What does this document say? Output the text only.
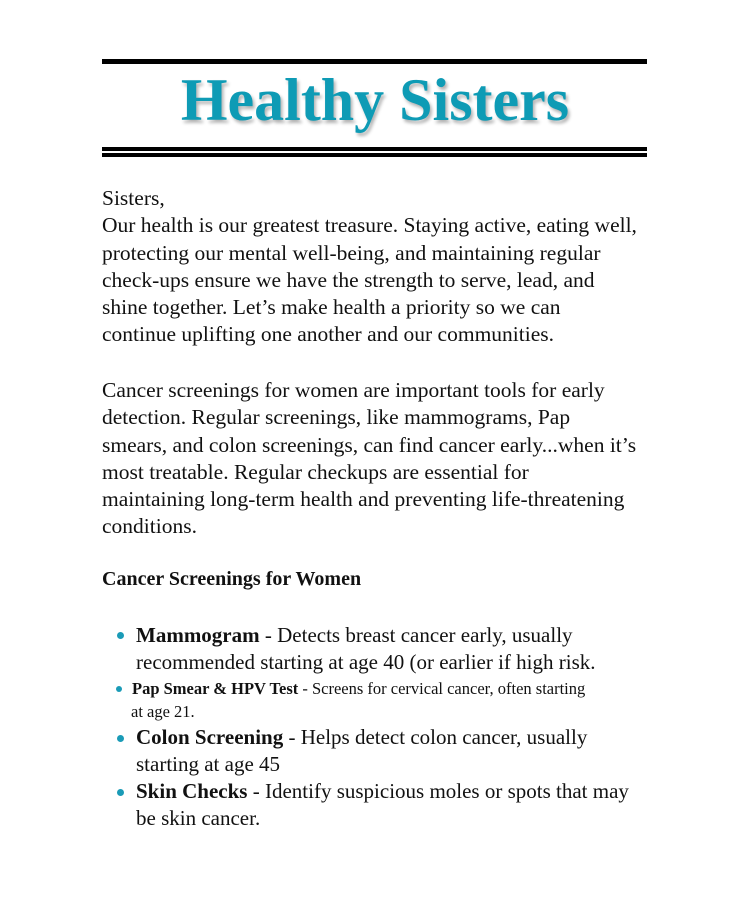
Healthy Sisters
Sisters,
Our health is our greatest treasure. Staying active, eating well,
protecting our mental well-being, and maintaining regular
check-ups ensure we have the strength to serve, lead, and
shine together. Let’s make health a priority so we can
continue uplifting one another and our communities.
Cancer screenings for women are important tools for early
detection. Regular screenings, like mammograms, Pap
smears, and colon screenings, can find cancer early...when it’s
most treatable. Regular checkups are essential for
maintaining long-term health and preventing life-threatening
conditions.
Cancer Screenings for Women
Mammogram - Detects breast cancer early, usually
recommended starting at age 40 (or earlier if high risk.
Pap Smear & HPV Test - Screens for cervical cancer, often starting
at age 21.
Colon Screening - Helps detect colon cancer, usually
starting at age 45
Skin Checks - Identify suspicious moles or spots that may
be skin cancer.
